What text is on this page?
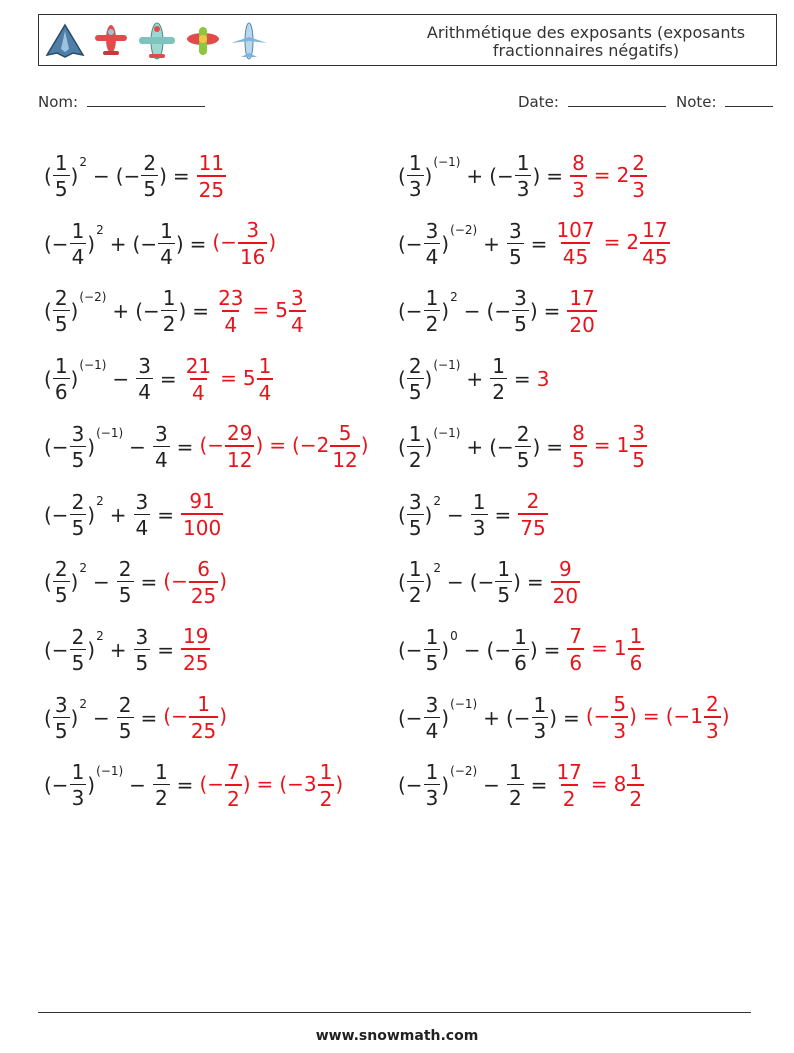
Arithmétique des exposants (exposants
fractionnaires négatifs)
Nom:	Date:	Note:
( $\frac{1}{5}$ )
2
− (− $\frac{2}{5}$ ) = $\frac{11}{25}$	( $\frac{1}{3}$ )
(−1)
+ (− $\frac{1}{3}$ ) = $\frac{8}{3} = 2 \frac{2}{3}$
(− $\frac{1}{4}$ )
2
+ (− $\frac{1}{4}$ ) = (− $\frac{3}{16}$ )	(− $\frac{3}{4}$ )
(−2)
+ $\frac{3}{5} = \frac{107}{45} = 2 \frac{17}{45}$
( $\frac{2}{5}$ )
(−2)
+ (− $\frac{1}{2}$ ) = $\frac{23}{4} = 5 \frac{3}{4}$	(− $\frac{1}{2}$ )
2
− (− $\frac{3}{5}$ ) = $\frac{17}{20}$
( $\frac{1}{6}$ )
(−1)
− $\frac{3}{4} = \frac{21}{4} = 5 \frac{1}{4}$	( $\frac{2}{5}$ )
(−1)
+ $\frac{1}{2} = 3$
(− $\frac{3}{5}$ )
(−1)
− $\frac{3}{4}$ = (− $\frac{29}{12}$ ) = ($-2 \frac{5}{12}$ ) ( $\frac{1}{2}$ )
(−1)
+ (− $\frac{2}{5}$ ) = $\frac{8}{5} = 1 \frac{3}{5}$
(− $\frac{2}{5}$ )
2
+ $\frac{3}{4} = \frac{91}{100}$	( $\frac{3}{5}$ )
2
− $\frac{1}{3} = \frac{2}{75}$
( $\frac{2}{5}$ )
2
− $\frac{2}{5}$ = (− $\frac{6}{25}$ )	( $\frac{1}{2}$ )
2
− (− $\frac{1}{5}$ ) = $\frac{9}{20}$
(− $\frac{2}{5}$ )
2
+ $\frac{3}{5} = \frac{19}{25}$	(− $\frac{1}{5}$ )
0
− (− $\frac{1}{6}$ ) = $\frac{7}{6} = 1 \frac{1}{6}$
( $\frac{3}{5}$ )
2
− $\frac{2}{5}$ = (− $\frac{1}{25}$ )	(− $\frac{3}{4}$ )
(−1)
+ (− $\frac{1}{3}$ ) = (− $\frac{5}{3}$ ) = ($-1 \frac{2}{3}$ )
(− $\frac{1}{3}$ )
(−1)
− $\frac{1}{2}$ = (− $\frac{7}{2}$ ) = ($-3 \frac{1}{2}$ )	(− $\frac{1}{3}$ )
(−2)
− $\frac{1}{2} = \frac{17}{2} = 8 \frac{1}{2}$
www.snowmath.com
